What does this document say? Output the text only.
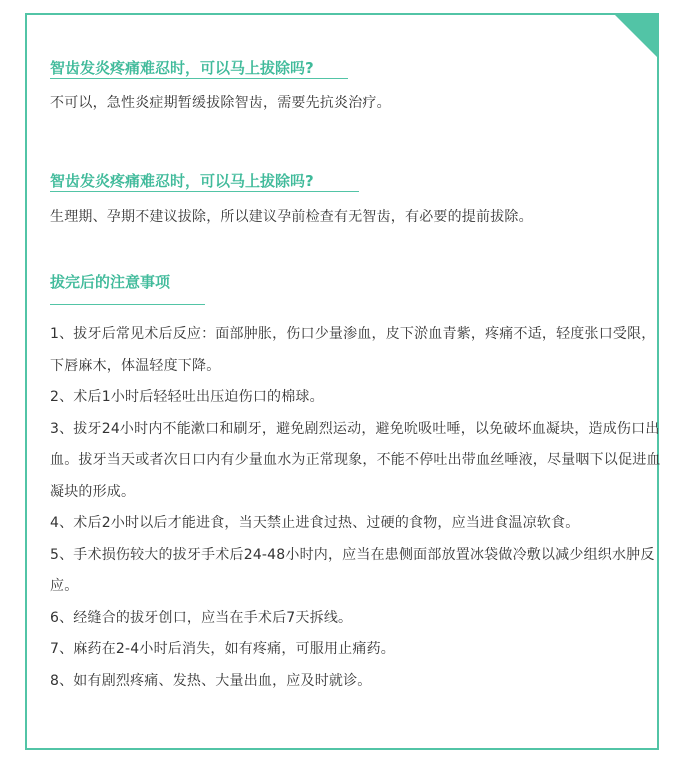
智齿发炎疼痛难忍时，可以马上拔除吗?
不可以，急性炎症期暂缓拔除智齿，需要先抗炎治疗。
智齿发炎疼痛难忍时，可以马上拔除吗?
生理期、孕期不建议拔除，所以建议孕前检查有无智齿，有必要的提前拔除。
拔完后的注意事项
1、拔牙后常见术后反应：面部肿胀，伤口少量渗血，皮下淤血青紫，疼痛不适，轻度张口受限，下唇麻木，体温轻度下降。
2、术后1小时后轻轻吐出压迫伤口的棉球。
3、拔牙24小时内不能漱口和刷牙，避免剧烈运动，避免吮吸吐唾，以免破坏血凝块，造成伤口出血。拔牙当天或者次日口内有少量血水为正常现象，不能不停吐出带血丝唾液，尽量咽下以促进血凝块的形成。
4、术后2小时以后才能进食，当天禁止进食过热、过硬的食物，应当进食温凉软食。
5、手术损伤较大的拔牙手术后24-48小时内，应当在患侧面部放置冰袋做冷敷以减少组织水肿反应。
6、经缝合的拔牙创口，应当在手术后7天拆线。
7、麻药在2-4小时后消失，如有疼痛，可服用止痛药。
8、如有剧烈疼痛、发热、大量出血，应及时就诊。
